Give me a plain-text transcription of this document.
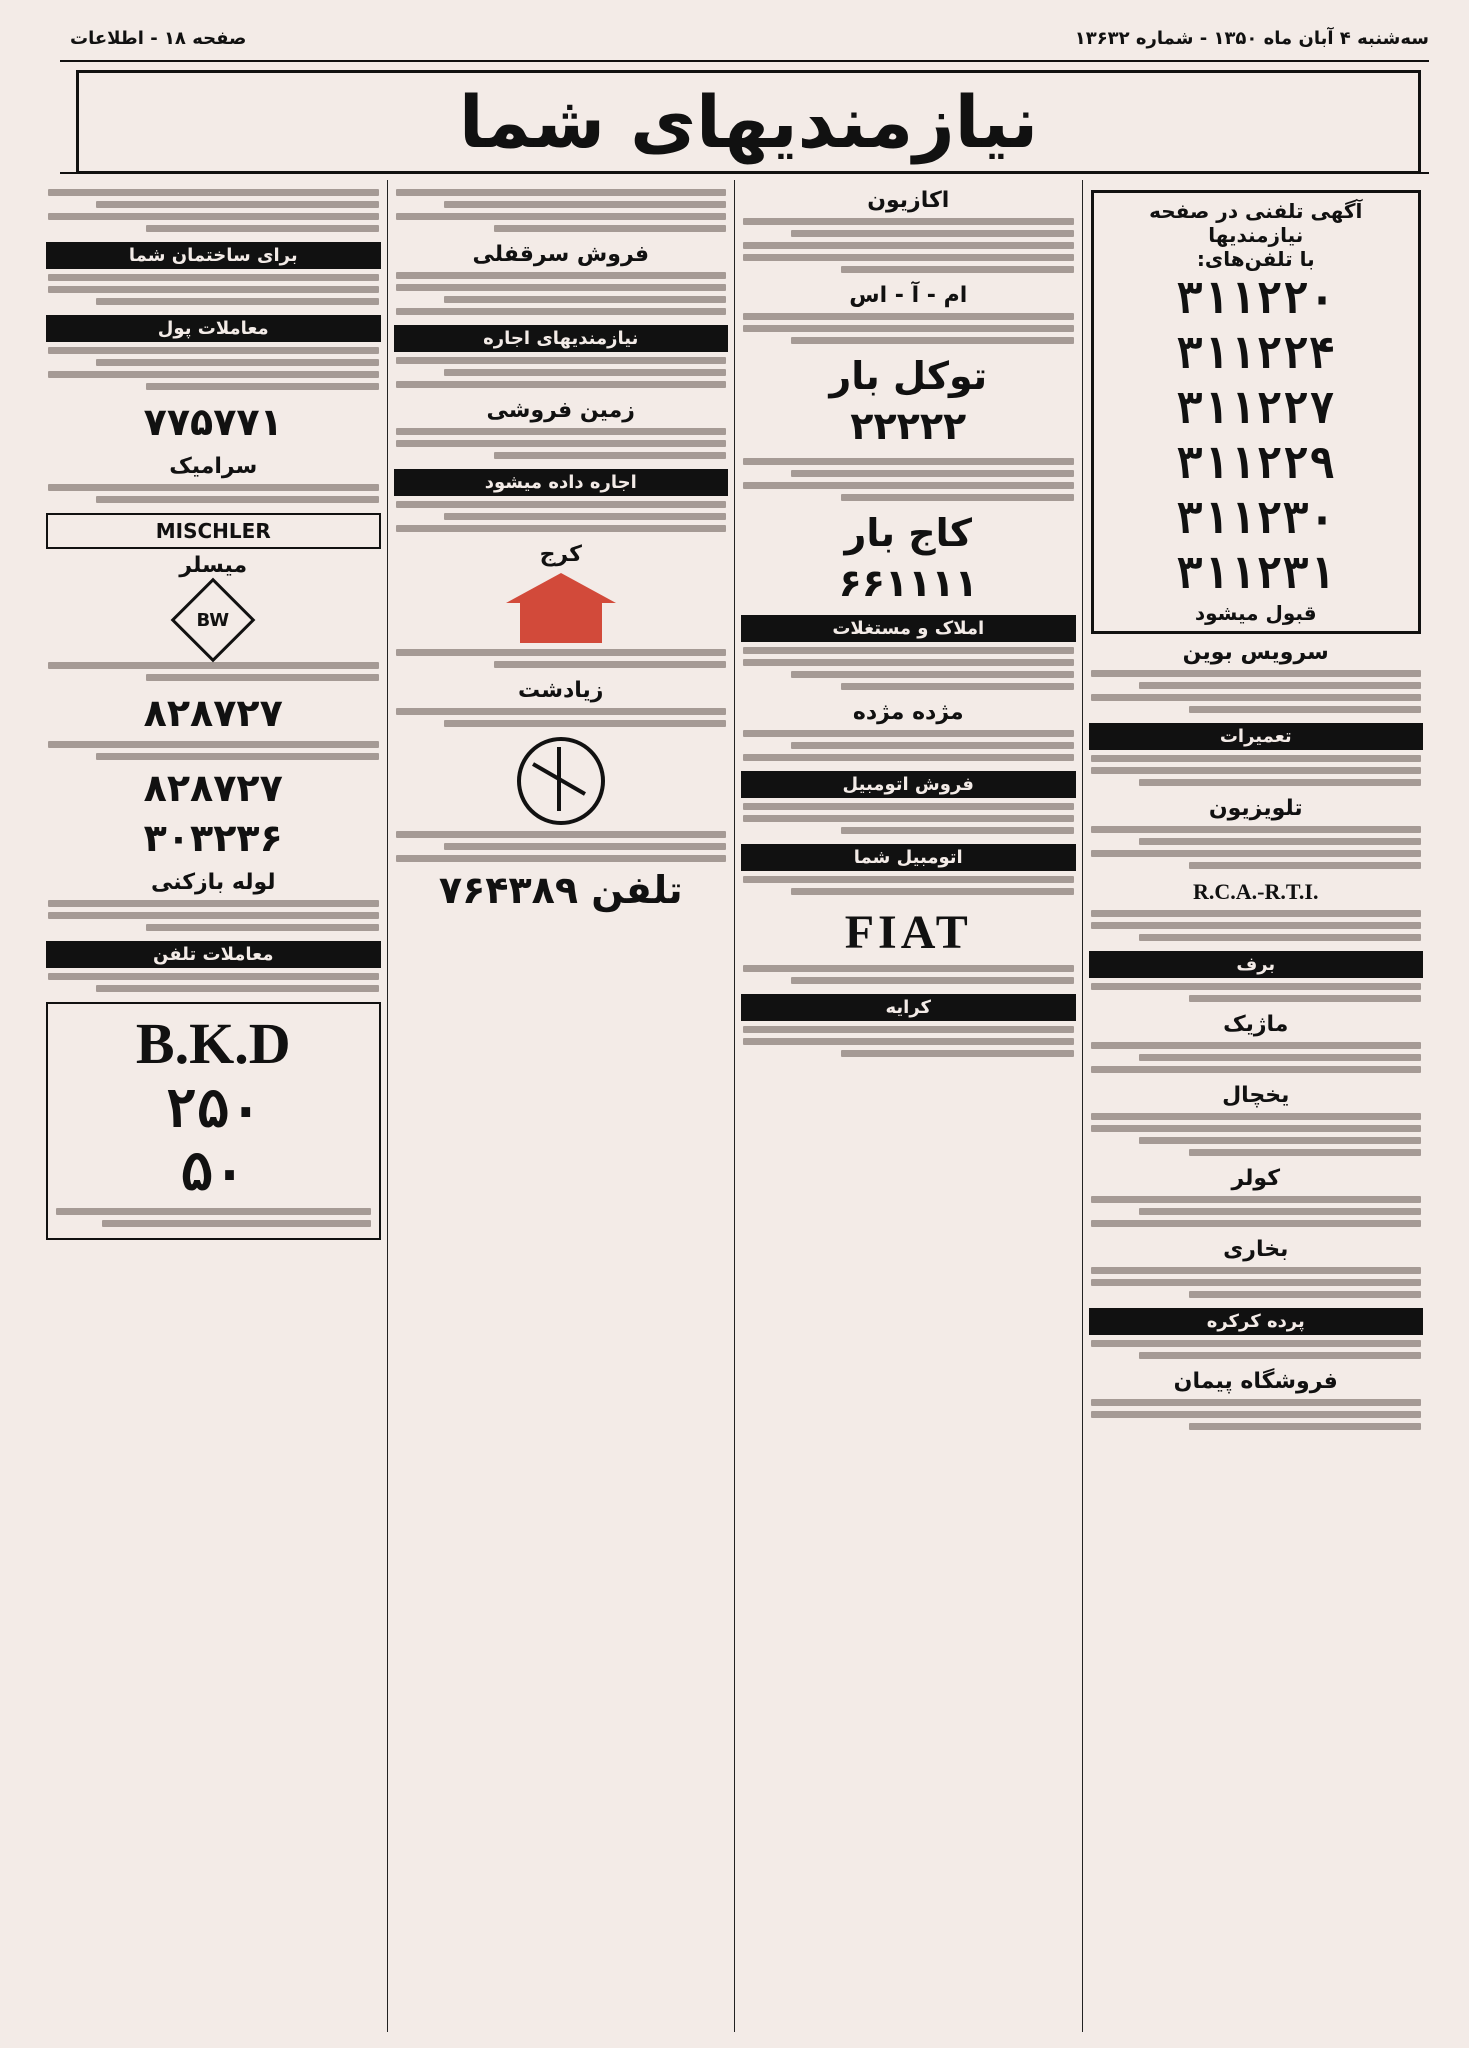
سه‌شنبه ۴ آبان ماه ۱۳۵۰ - شماره ۱۳۶۳۲
صفحه ۱۸ - اطلاعات
نیازمندیهای شما
آگهی تلفنی در صفحه نیازمندیها
با تلفن‌های:
۳۱۱۲۲۰
۳۱۱۲۲۴
۳۱۱۲۲۷
۳۱۱۲۲۹
۳۱۱۲۳۰
۳۱۱۲۳۱
قبول میشود
سرویس بوین
تعمیرات
تلویزیون
R.C.A.-R.T.I.
برف
ماژیک
یخچال
کولر
بخاری
پرده کرکره
فروشگاه پیمان
اکازیون
ام - آ - اس
توکل بار
۲۲۲۲۲
کاج بار
۶۶۱۱۱۱
املاک و مستغلات
مژده مژده
فروش اتومبیل
اتومبیل شما
FIAT
کرایه
فروش سرقفلی
نیازمندیهای اجاره
زمین فروشی
اجاره داده میشود
کرج
زیادشت
تلفن ۷۶۴۳۸۹
برای ساختمان شما
معاملات پول
۷۷۵۷۷۱
سرامیک
MISCHLER
میسلر
BW
۸۲۸۷۲۷
۸۲۸۷۲۷
۳۰۳۲۳۶
لوله بازکنی
معاملات تلفن
B.K.D
۲۵۰
۵۰
